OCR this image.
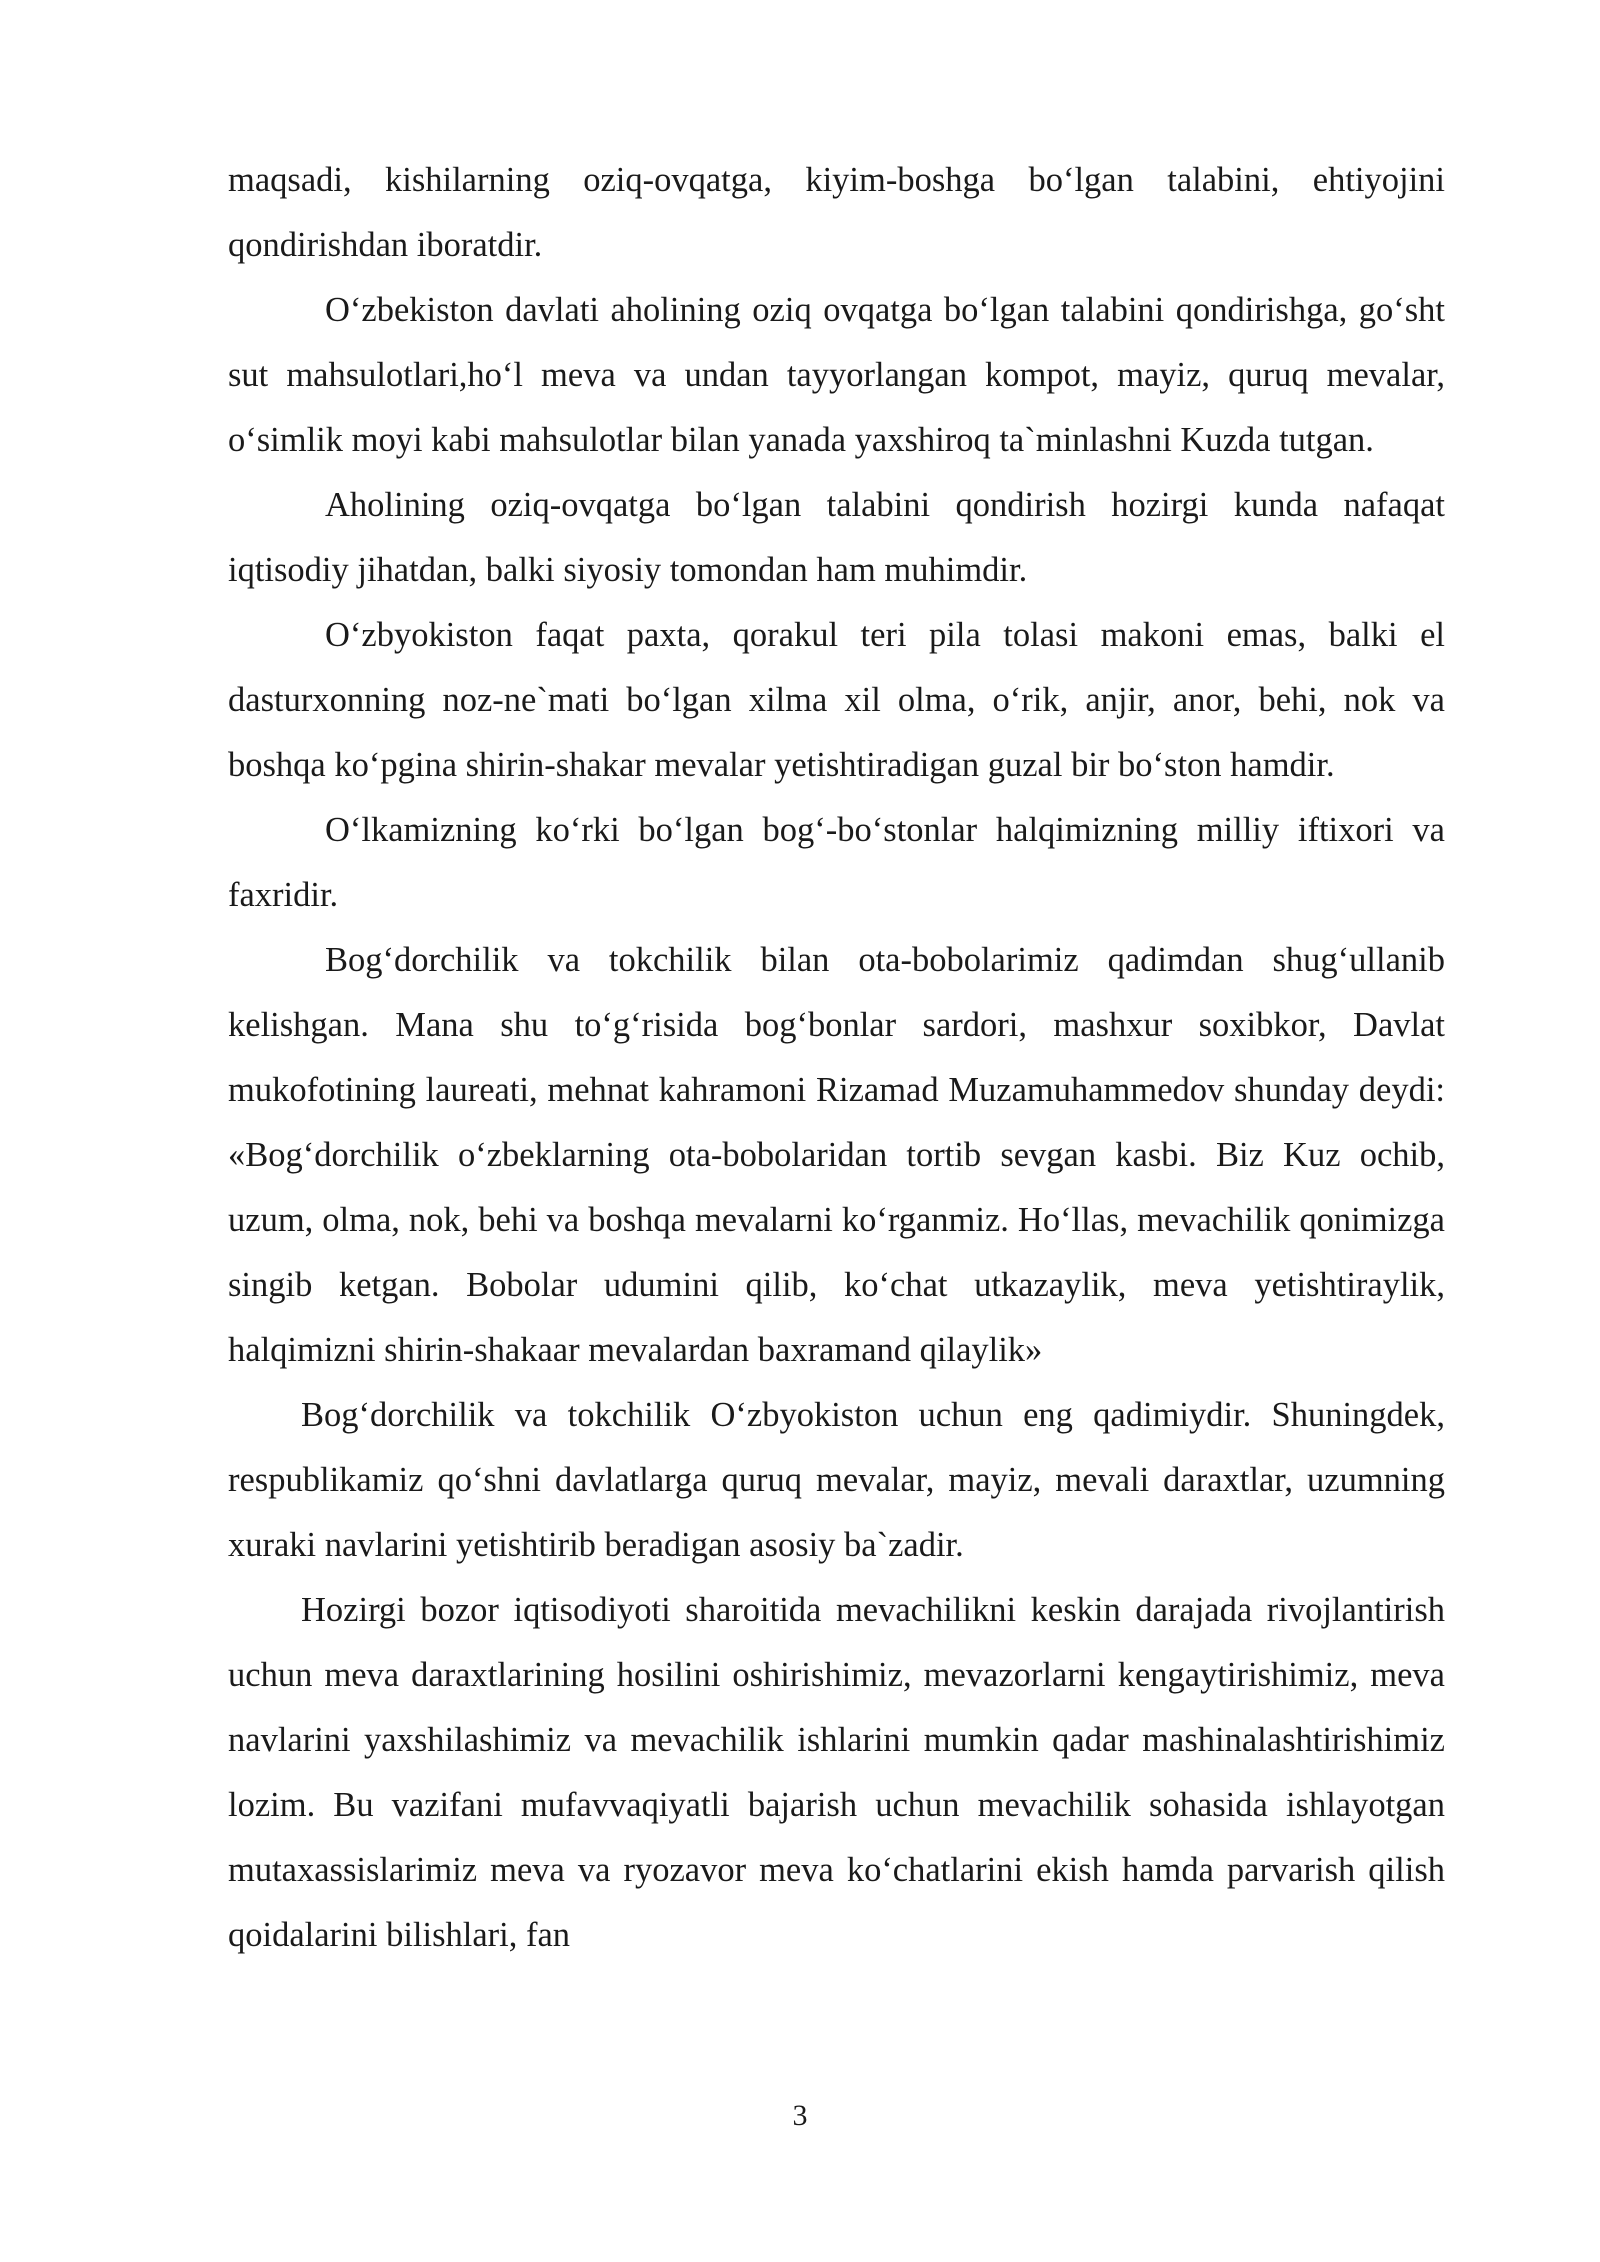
maqsadi, kishilarning oziq-ovqatga, kiyim-boshga bo‘lgan talabini, ehtiyojini qondirishdan iboratdir.

O‘zbekiston davlati aholining oziq ovqatga bo‘lgan talabini qondirishga, go‘sht sut mahsulotlari,ho‘l meva va undan tayyorlangan kompot, mayiz, quruq mevalar, o‘simlik moyi kabi mahsulotlar bilan yanada yaxshiroq ta`minlashni Kuzda tutgan.

Aholining oziq-ovqatga bo‘lgan talabini qondirish hozirgi kunda nafaqat iqtisodiy jihatdan, balki siyosiy tomondan ham muhimdir.

O‘zbyokiston faqat paxta, qorakul teri pila tolasi makoni emas, balki el dasturxonning noz-ne`mati bo‘lgan xilma xil olma, o‘rik, anjir, anor, behi, nok va boshqa ko‘pgina shirin-shakar mevalar yetishtiradigan guzal bir bo‘ston hamdir.

O‘lkamizning ko‘rki bo‘lgan bog‘-bo‘stonlar halqimizning milliy iftixori va faxridir.

Bog‘dorchilik va tokchilik bilan ota-bobolarimiz qadimdan shug‘ullanib kelishgan. Mana shu to‘g‘risida bog‘bonlar sardori, mashxur soxibkor, Davlat mukofotining laureati, mehnat kahramoni Rizamad Muzamuhammedov shunday deydi: «Bog‘dorchilik o‘zbeklarning ota-bobolaridan tortib sevgan kasbi. Biz Kuz ochib, uzum, olma, nok, behi va boshqa mevalarni ko‘rganmiz. Ho‘llas, mevachilik qonimizga singib ketgan. Bobolar udumini qilib, ko‘chat utkazaylik, meva yetishtiraylik, halqimizni shirin-shakaar mevalardan baxramand qilaylik»

Bog‘dorchilik va tokchilik O‘zbyokiston uchun eng qadimiydir. Shuningdek, respublikamiz qo‘shni davlatlarga quruq mevalar, mayiz, mevali daraxtlar, uzumning xuraki navlarini yetishtirib beradigan asosiy ba`zadir.

Hozirgi bozor iqtisodiyoti sharoitida mevachilikni keskin darajada rivojlantirish uchun meva daraxtlarining hosilini oshirishimiz, mevazorlarni kengaytirishimiz, meva navlarini yaxshilashimiz va mevachilik ishlarini mumkin qadar mashinalashtirishimiz lozim. Bu vazifani mufavvaqiyatli bajarish uchun mevachilik sohasida ishlayotgan mutaxassislarimiz meva va ryozavor meva ko‘chatlarini ekish hamda parvarish qilish qoidalarini bilishlari, fan

3
